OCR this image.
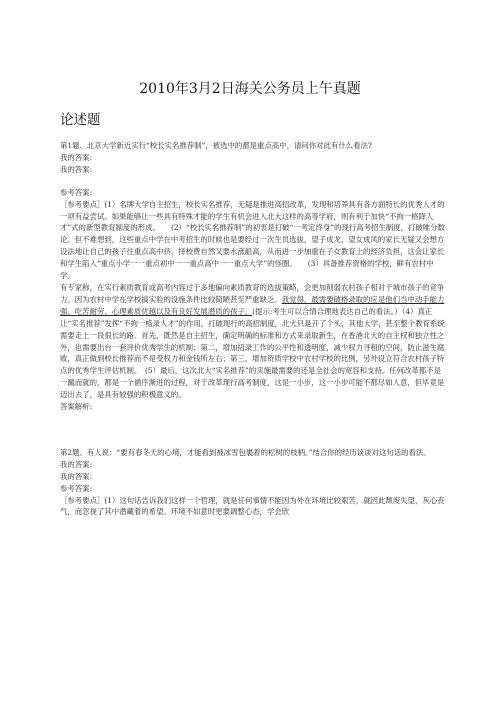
2010年3月2日海关公务员上午真题
论述题

第1题、北京大学新近实行“校长实名推荐制”，被选中的都是重点高中，请问你对此有什么看法?

我的答案:

我的答案:

参考答案:

［参考要点］(1）名牌大学自主招生，校长实名推荐，无疑是推进高招改革，发现和培养具有各方面特长的优秀人才的一项有益尝试。如果能够让一些具有特殊才能的学生有机会进入北大这样的高等学府，则有利于加快“不拘一格降人才”式的新型教育制度的形成。　　(2）“校长实名推荐制”的初衷是打破“一考定终身”的现行高考招生制度，打破唯分数论。但不难想到，这些重点中学在中考招生的时候也是要经过一次生员选拔，望子成龙、望女成凤的家长无疑又会想方设法地让自己的孩子往重点高中挤，择校费自然又要水涨船高，从而进一步加重在子女教育上的经济负担，这会让家长和学生陷入“重点小学一一重点初中一一重点高中一一重点大学”的怪圈。　　(3）具备推荐资格的学校，鲜有农村中学。

有专家称，在实行素质教育或高考内容过于多地偏向素质教育的选拔策略，会更加削弱农村孩子相对于城市孩子的竞争力。因为农村中学在学校搞实验的设施条件比较简陋甚至严重缺乏。我觉得，最需要破格录取的应是他们当中动手能力强、吃苦耐劳、心理素质优越以及有良好发展潜质的孩子。(提示:考生可以合情合理地表达自己的看法。）（4）真正让“实名推荐”发挥“不拘一格录人才”的作用，打破现行的高招制度，北大只是开了个头，其他大学，甚至整个教育系统需要走上一段很长的路。首先，既然是自主招生，确定明确的标准和方式来录取新生，在香港北大的自主权和独立性之外，也需要出台一套评价优秀学生的机制；第二，增加招录工作的公平性和透明度，减少权力寻租的空间，防止滋生腐败，真正做到校长推荐而不是受权力和金钱所左右；第三，增加资质学校中农村学校的比例，另外设立符合农村孩子特点的优秀学生评估机制。　(5）最后，这次北大“实名推荐”的实施最需要的还是全社会的宽容和支持。任何改革都不是一蹴而就的，都是一个循序渐进的过程，对于改革现行高考制度，这是一小步，这一小步可能不都尽如人意，但毕竟是迈出去了，是具有较强的积极意义的。

答案解析:

第2题、有人说：“要有春冬天的心境，才能看到被冰雪包裹着的松树的枝柄。”结合你的经历谈谈对这句话的看法。

我的答案:

我的答案:

参考答案:

［参考要点］(1）这句话告诉我们这样一个哲理，就是任何事情不能因为外在环境比较艰苦，就因此颓废失望，灰心丧气，而忽视了其中潜藏着的希望。环境不如意时更要调整心态，学会欣
